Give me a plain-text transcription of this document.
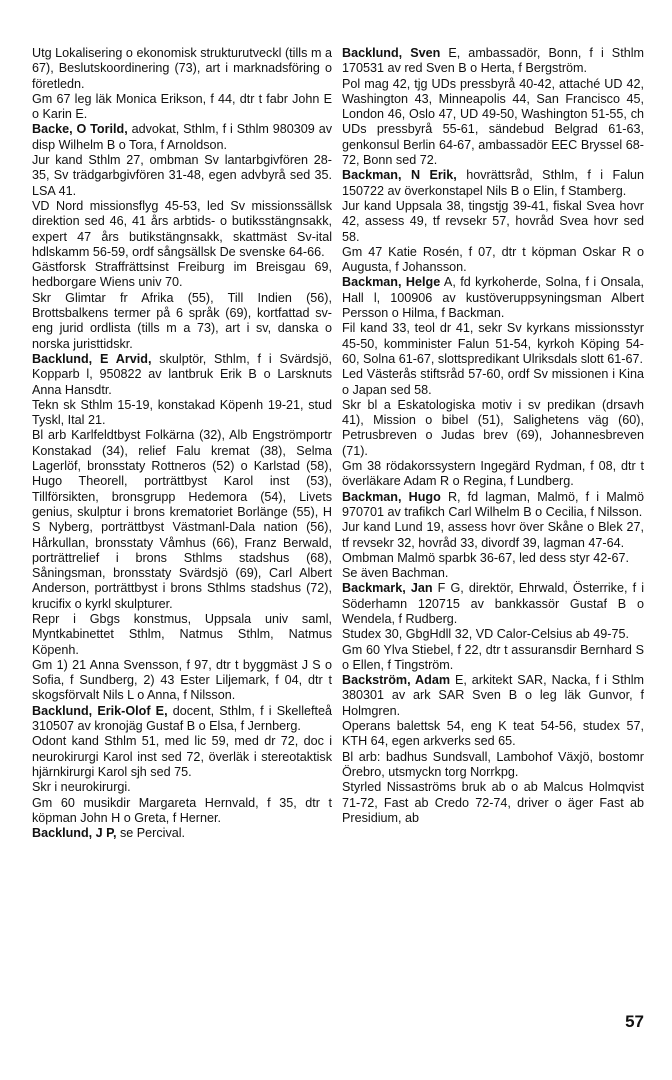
Utg Lokalisering o ekonomisk strukturutveckl (tills m a 67), Beslutskoordinering (73), art i marknadsföring o företledn.

Gm 67 leg läk Monica Erikson, f 44, dtr t fabr John E o Karin E.

Backe, O Torild, advokat, Sthlm, f i Sthlm 980309 av disp Wilhelm B o Tora, f Arnoldson.

Jur kand Sthlm 27, ombman Sv lantarbgivfören 28-35, Sv trädgarbgivfören 31-48, egen advbyrå sed 35. LSA 41.

VD Nord missionsflyg 45-53, led Sv missionssällsk direktion sed 46, 41 års arbtids- o butiksstängnsakk, expert 47 års butikstängnsakk, skattmäst Sv-ital hdlskamm 56-59, ordf sångsällsk De svenske 64-66.

Gästforsk Straffrättsinst Freiburg im Breisgau 69, hedborgare Wiens univ 70.

Skr Glimtar fr Afrika (55), Till Indien (56), Brottsbalkens termer på 6 språk (69), kortfattad sv-eng jurid ordlista (tills m a 73), art i sv, danska o norska juristtidskr.

Backlund, E Arvid, skulptör, Sthlm, f i Svärdsjö, Kopparb l, 950822 av lantbruk Erik B o Larsknuts Anna Hansdtr.

Tekn sk Sthlm 15-19, konstakad Köpenh 19-21, stud Tyskl, Ital 21.

Bl arb Karlfeldtbyst Folkärna (32), Alb Engströmportr Konstakad (34), relief Falu kremat (38), Selma Lagerlöf, bronsstaty Rottneros (52) o Karlstad (58), Hugo Theorell, porträttbyst Karol inst (53), Tillförsikten, bronsgrupp Hedemora (54), Livets genius, skulptur i brons krematoriet Borlänge (55), H S Nyberg, porträttbyst Västmanl-Dala nation (56), Hårkullan, bronsstaty Våmhus (66), Franz Berwald, porträttrelief i brons Sthlms stadshus (68), Såningsman, bronsstaty Svärdsjö (69), Carl Albert Anderson, porträttbyst i brons Sthlms stadshus (72), krucifix o kyrkl skulpturer.

Repr i Gbgs konstmus, Uppsala univ saml, Myntkabinettet Sthlm, Natmus Sthlm, Natmus Köpenh.

Gm 1) 21 Anna Svensson, f 97, dtr t byggmäst J S o Sofia, f Sundberg, 2) 43 Ester Liljemark, f 04, dtr t skogsförvalt Nils L o Anna, f Nilsson.

Backlund, Erik-Olof E, docent, Sthlm, f i Skellefteå 310507 av kronojäg Gustaf B o Elsa, f Jernberg.

Odont kand Sthlm 51, med lic 59, med dr 72, doc i neurokirurgi Karol inst sed 72, överläk i stereotaktisk hjärnkirurgi Karol sjh sed 75.

Skr i neurokirurgi.

Gm 60 musikdir Margareta Hernvald, f 35, dtr t köpman John H o Greta, f Herner.

Backlund, J P, se Percival.

Backlund, Sven E, ambassadör, Bonn, f i Sthlm 170531 av red Sven B o Herta, f Bergström.

Pol mag 42, tjg UDs pressbyrå 40-42, attaché UD 42, Washington 43, Minneapolis 44, San Francisco 45, London 46, Oslo 47, UD 49-50, Washington 51-55, ch UDs pressbyrå 55-61, sändebud Belgrad 61-63, genkonsul Berlin 64-67, ambassadör EEC Bryssel 68-72, Bonn sed 72.

Backman, N Erik, hovrättsråd, Sthlm, f i Falun 150722 av överkonstapel Nils B o Elin, f Stamberg.

Jur kand Uppsala 38, tingstjg 39-41, fiskal Svea hovr 42, assess 49, tf revsekr 57, hovråd Svea hovr sed 58.

Gm 47 Katie Rosén, f 07, dtr t köpman Oskar R o Augusta, f Johansson.

Backman, Helge A, fd kyrkoherde, Solna, f i Onsala, Hall l, 100906 av kustöveruppsyningsman Albert Persson o Hilma, f Backman.

Fil kand 33, teol dr 41, sekr Sv kyrkans missionsstyr 45-50, komminister Falun 51-54, kyrkoh Köping 54-60, Solna 61-67, slottspredikant Ulriksdals slott 61-67.

Led Västerås stiftsråd 57-60, ordf Sv missionen i Kina o Japan sed 58.

Skr bl a Eskatologiska motiv i sv predikan (drsavh 41), Mission o bibel (51), Salighetens väg (60), Petrusbreven o Judas brev (69), Johannesbreven (71).

Gm 38 rödakorssystern Ingegärd Rydman, f 08, dtr t överläkare Adam R o Regina, f Lundberg.

Backman, Hugo R, fd lagman, Malmö, f i Malmö 970701 av trafikch Carl Wilhelm B o Cecilia, f Nilsson.

Jur kand Lund 19, assess hovr över Skåne o Blek 27, tf revsekr 32, hovråd 33, divordf 39, lagman 47-64.

Ombman Malmö sparbk 36-67, led dess styr 42-67.

Se även Bachman.

Backmark, Jan F G, direktör, Ehrwald, Österrike, f i Söderhamn 120715 av bankkassör Gustaf B o Wendela, f Rudberg.

Studex 30, GbgHdll 32, VD Calor-Celsius ab 49-75.

Gm 60 Ylva Stiebel, f 22, dtr t assuransdir Bernhard S o Ellen, f Tingström.

Backström, Adam E, arkitekt SAR, Nacka, f i Sthlm 380301 av ark SAR Sven B o leg läk Gunvor, f Holmgren.

Operans balettsk 54, eng K teat 54-56, studex 57, KTH 64, egen arkverks sed 65.

Bl arb: badhus Sundsvall, Lambohof Växjö, bostomr Örebro, utsmyckn torg Norrkpg.

Styrled Nissaströms bruk ab o ab Malcus Holmqvist 71-72, Fast ab Credo 72-74, driver o äger Fast ab Presidium, ab

57
